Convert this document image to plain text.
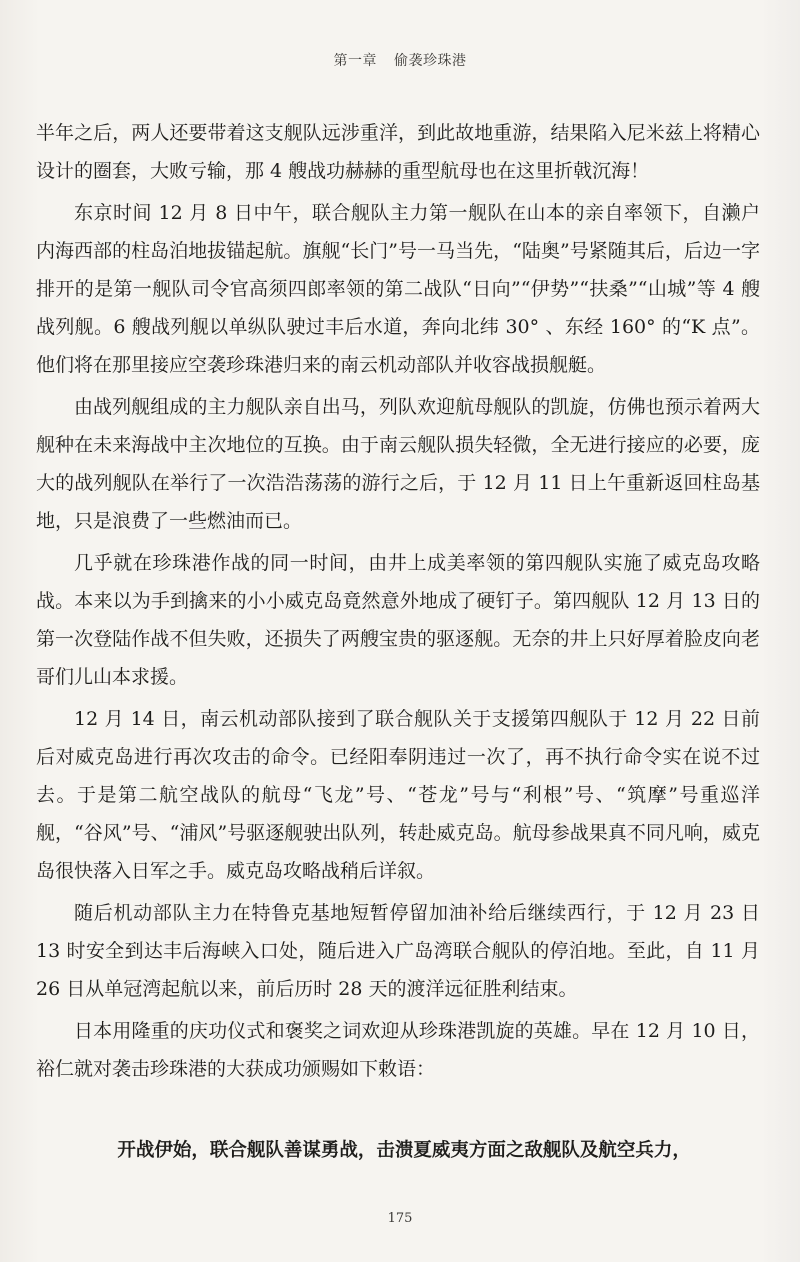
第一章 偷袭珍珠港

半年之后，两人还要带着这支舰队远涉重洋，到此故地重游，结果陷入尼米兹上将精心设计的圈套，大败亏输，那 4 艘战功赫赫的重型航母也在这里折戟沉海！

东京时间 12 月 8 日中午，联合舰队主力第一舰队在山本的亲自率领下，自濑户内海西部的柱岛泊地拔锚起航。旗舰“长门”号一马当先，“陆奥”号紧随其后，后边一字排开的是第一舰队司令官高须四郎率领的第二战队“日向”“伊势”“扶桑”“山城”等 4 艘战列舰。6 艘战列舰以单纵队驶过丰后水道，奔向北纬 30° 、东经 160° 的“K 点”。他们将在那里接应空袭珍珠港归来的南云机动部队并收容战损舰艇。

由战列舰组成的主力舰队亲自出马，列队欢迎航母舰队的凯旋，仿佛也预示着两大舰种在未来海战中主次地位的互换。由于南云舰队损失轻微，全无进行接应的必要，庞大的战列舰队在举行了一次浩浩荡荡的游行之后，于 12 月 11 日上午重新返回柱岛基地，只是浪费了一些燃油而已。

几乎就在珍珠港作战的同一时间，由井上成美率领的第四舰队实施了威克岛攻略战。本来以为手到擒来的小小威克岛竟然意外地成了硬钉子。第四舰队 12 月 13 日的第一次登陆作战不但失败，还损失了两艘宝贵的驱逐舰。无奈的井上只好厚着脸皮向老哥们儿山本求援。

12 月 14 日，南云机动部队接到了联合舰队关于支援第四舰队于 12 月 22 日前后对威克岛进行再次攻击的命令。已经阳奉阴违过一次了，再不执行命令实在说不过去。于是第二航空战队的航母“飞龙”号、“苍龙”号与“利根”号、“筑摩”号重巡洋舰，“谷风”号、“浦风”号驱逐舰驶出队列，转赴威克岛。航母参战果真不同凡响，威克岛很快落入日军之手。威克岛攻略战稍后详叙。

随后机动部队主力在特鲁克基地短暂停留加油补给后继续西行，于 12 月 23 日 13 时安全到达丰后海峡入口处，随后进入广岛湾联合舰队的停泊地。至此，自 11 月 26 日从单冠湾起航以来，前后历时 28 天的渡洋远征胜利结束。

日本用隆重的庆功仪式和褒奖之词欢迎从珍珠港凯旋的英雄。早在 12 月 10 日，裕仁就对袭击珍珠港的大获成功颁赐如下敕语：

开战伊始，联合舰队善谋勇战，击溃夏威夷方面之敌舰队及航空兵力，

175
